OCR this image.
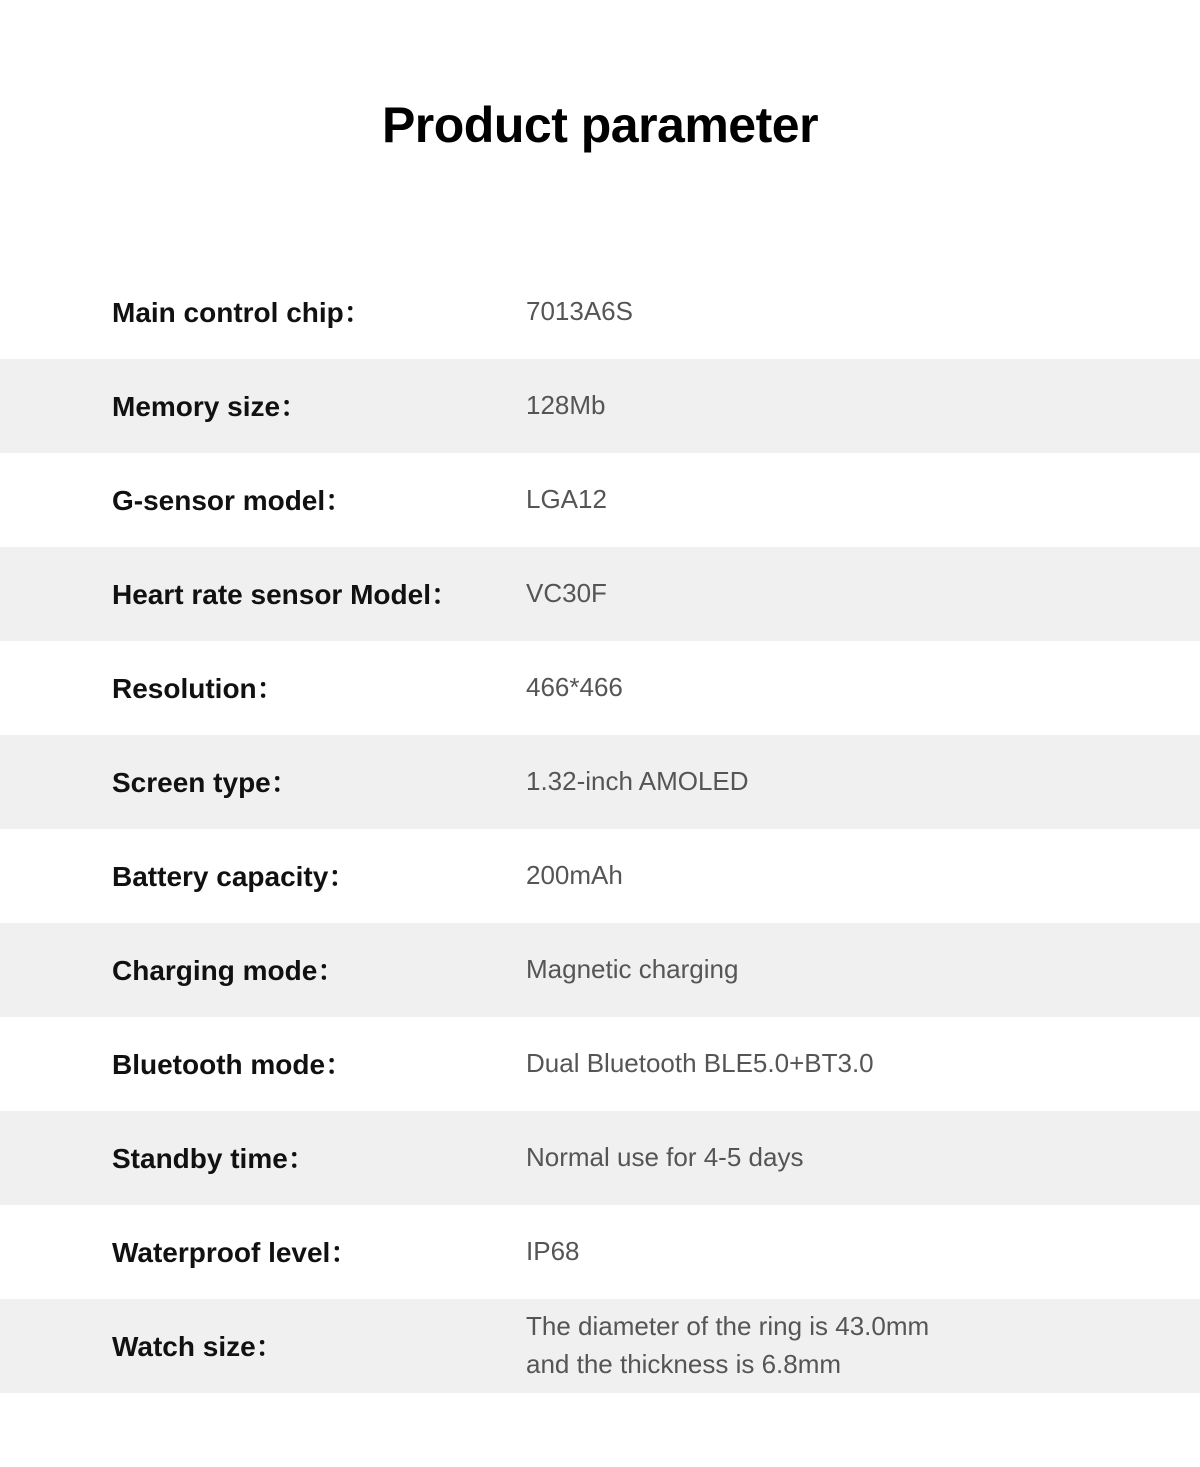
Product parameter
Main control chip：	7013A6S
Memory size：	128Mb
G-sensor model：	LGA12
Heart rate sensor Model：	VC30F
Resolution：	466*466
Screen type：	1.32-inch AMOLED
Battery capacity：	200mAh
Charging mode：	Magnetic charging
Bluetooth mode：	Dual Bluetooth BLE5.0+BT3.0
Standby time：	Normal use for 4-5 days
Waterproof level：	IP68
Watch size：
The diameter of the ring is 43.0mm
and the thickness is 6.8mm
